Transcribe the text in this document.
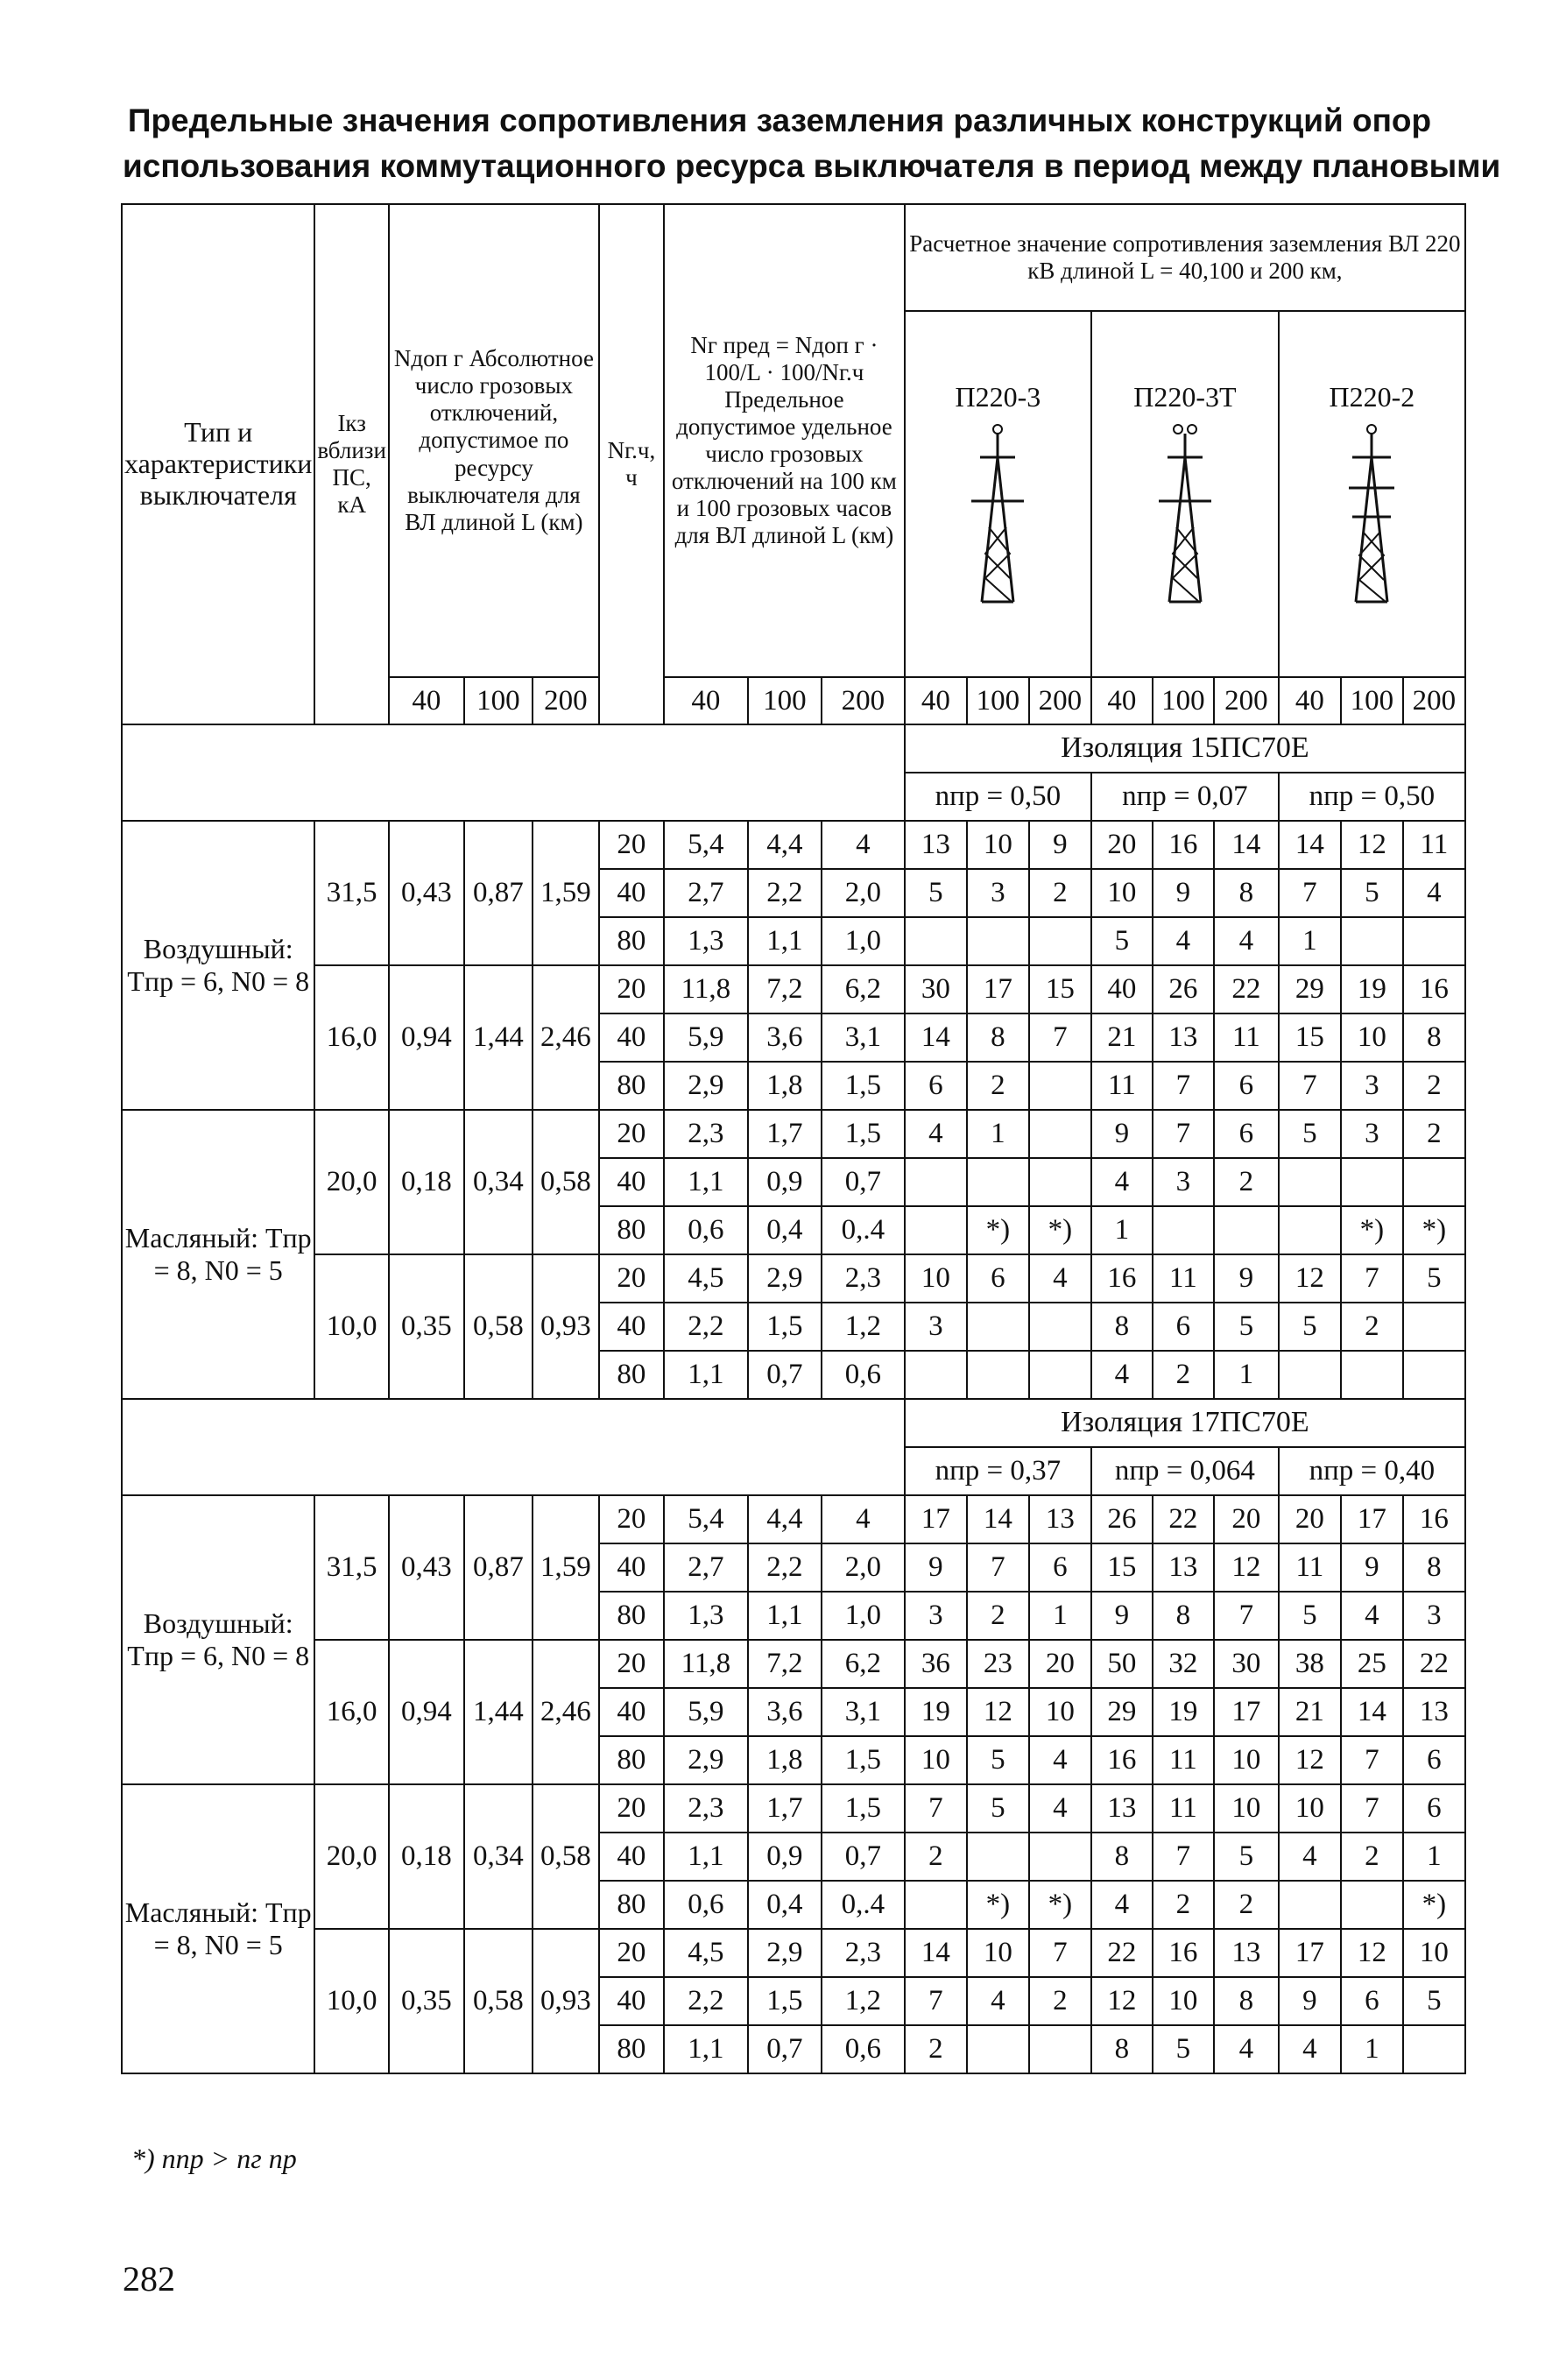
Предельные значения сопротивления заземления различных конструкций опор
использования коммутационного ресурса выключателя в период между плановыми
Тип и характеристики выключателя	Iкз вблизи ПС, кА	Nдоп г Абсолютное число грозовых отключений, допустимое по ресурсу выключателя для ВЛ длиной L (км)			Nг.ч, ч	Nг пред = Nдоп г · 100/L · 100/Nг.ч Предельное допустимое удельное число грозовых отключений на 100 км и 100 грозовых часов для ВЛ длиной L (км)			Расчетное значение сопротивления заземления ВЛ 220 кВ длиной L = 40,100 и 200 км,								

									П220-3			П220-3Т			П220-2		

		40	100	200		40	100	200	40	100	200	40	100	200	40	100	200
									Изоляция 15ПС70Е								
									nпр = 0,50			nпр = 0,07			nпр = 0,50		
Воздушный: Tпр = 6, N0 = 8	31,5	0,43	0,87	1,59	20	5,4	4,4	4	13	10	9	20	16	14	14	12	11
					40	2,7	2,2	2,0	5	3	2	10	9	8	7	5	4
					80	1,3	1,1	1,0				5	4	4	1		
	16,0	0,94	1,44	2,46	20	11,8	7,2	6,2	30	17	15	40	26	22	29	19	16
					40	5,9	3,6	3,1	14	8	7	21	13	11	15	10	8
					80	2,9	1,8	1,5	6	2		11	7	6	7	3	2
Масляный: Tпр = 8, N0 = 5	20,0	0,18	0,34	0,58	20	2,3	1,7	1,5	4	1		9	7	6	5	3	2
					40	1,1	0,9	0,7				4	3	2			
					80	0,6	0,4	0,.4		*)	*)	1				*)	*)
	10,0	0,35	0,58	0,93	20	4,5	2,9	2,3	10	6	4	16	11	9	12	7	5
					40	2,2	1,5	1,2	3			8	6	5	5	2	
					80	1,1	0,7	0,6				4	2	1			
									Изоляция 17ПС70Е								
									nпр = 0,37			nпр = 0,064			nпр = 0,40		
Воздушный: Tпр = 6, N0 = 8	31,5	0,43	0,87	1,59	20	5,4	4,4	4	17	14	13	26	22	20	20	17	16
					40	2,7	2,2	2,0	9	7	6	15	13	12	11	9	8
					80	1,3	1,1	1,0	3	2	1	9	8	7	5	4	3
	16,0	0,94	1,44	2,46	20	11,8	7,2	6,2	36	23	20	50	32	30	38	25	22
					40	5,9	3,6	3,1	19	12	10	29	19	17	21	14	13
					80	2,9	1,8	1,5	10	5	4	16	11	10	12	7	6
Масляный: Tпр = 8, N0 = 5	20,0	0,18	0,34	0,58	20	2,3	1,7	1,5	7	5	4	13	11	10	10	7	6
					40	1,1	0,9	0,7	2			8	7	5	4	2	1
					80	0,6	0,4	0,.4		*)	*)	4	2	2			*)
	10,0	0,35	0,58	0,93	20	4,5	2,9	2,3	14	10	7	22	16	13	17	12	10
					40	2,2	1,5	1,2	7	4	2	12	10	8	9	6	5
					80	1,1	0,7	0,6	2			8	5	4	4	1	
*) nпр > nг пр
282
